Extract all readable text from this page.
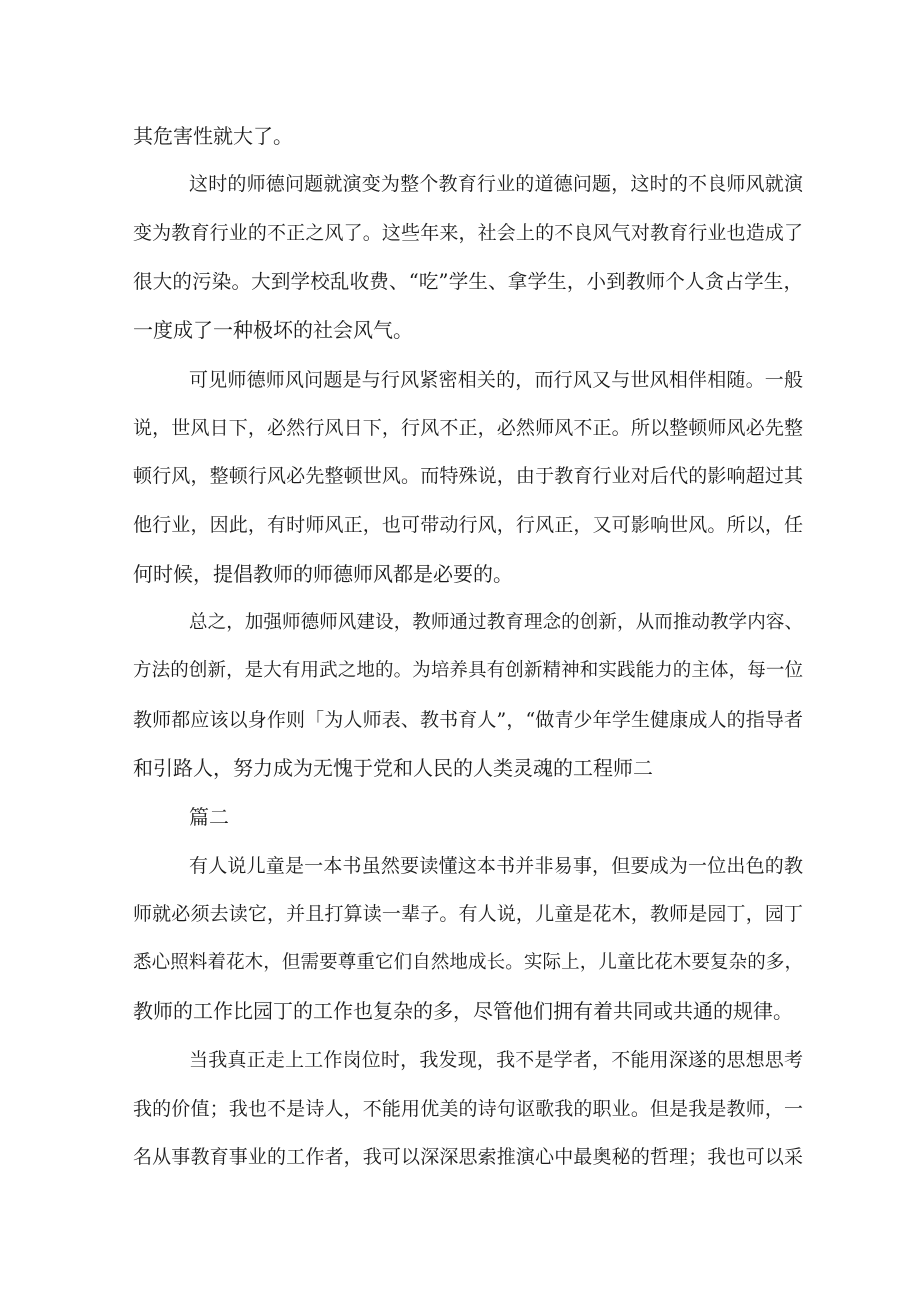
其危害性就大了。
这时的师德问题就演变为整个教育行业的道德问题，这时的不良师风就演
变为教育行业的不正之风了。这些年来，社会上的不良风气对教育行业也造成了
很大的污染。大到学校乱收费、“吃”学生、拿学生，小到教师个人贪占学生，
一度成了一种极坏的社会风气。
可见师德师风问题是与行风紧密相关的，而行风又与世风相伴相随。一般
说，世风日下，必然行风日下，行风不正，必然师风不正。所以整顿师风必先整
顿行风，整顿行风必先整顿世风。而特殊说，由于教育行业对后代的影响超过其
他行业，因此，有时师风正，也可带动行风，行风正，又可影响世风。所以，任
何时候，提倡教师的师德师风都是必要的。
总之，加强师德师风建设，教师通过教育理念的创新，从而推动教学内容、
方法的创新，是大有用武之地的。为培养具有创新精神和实践能力的主体，每一位
教师都应该以身作则「为人师表、教书育人”，“做青少年学生健康成人的指导者
和引路人，努力成为无愧于党和人民的人类灵魂的工程师二
篇二
有人说儿童是一本书虽然要读懂这本书并非易事，但要成为一位出色的教
师就必须去读它，并且打算读一辈子。有人说，儿童是花木，教师是园丁，园丁
悉心照料着花木，但需要尊重它们自然地成长。实际上，儿童比花木要复杂的多，
教师的工作比园丁的工作也复杂的多，尽管他们拥有着共同或共通的规律。
当我真正走上工作岗位时，我发现，我不是学者，不能用深遂的思想思考
我的价值；我也不是诗人，不能用优美的诗句讴歌我的职业。但是我是教师，一
名从事教育事业的工作者，我可以深深思索推演心中最奥秘的哲理；我也可以采
